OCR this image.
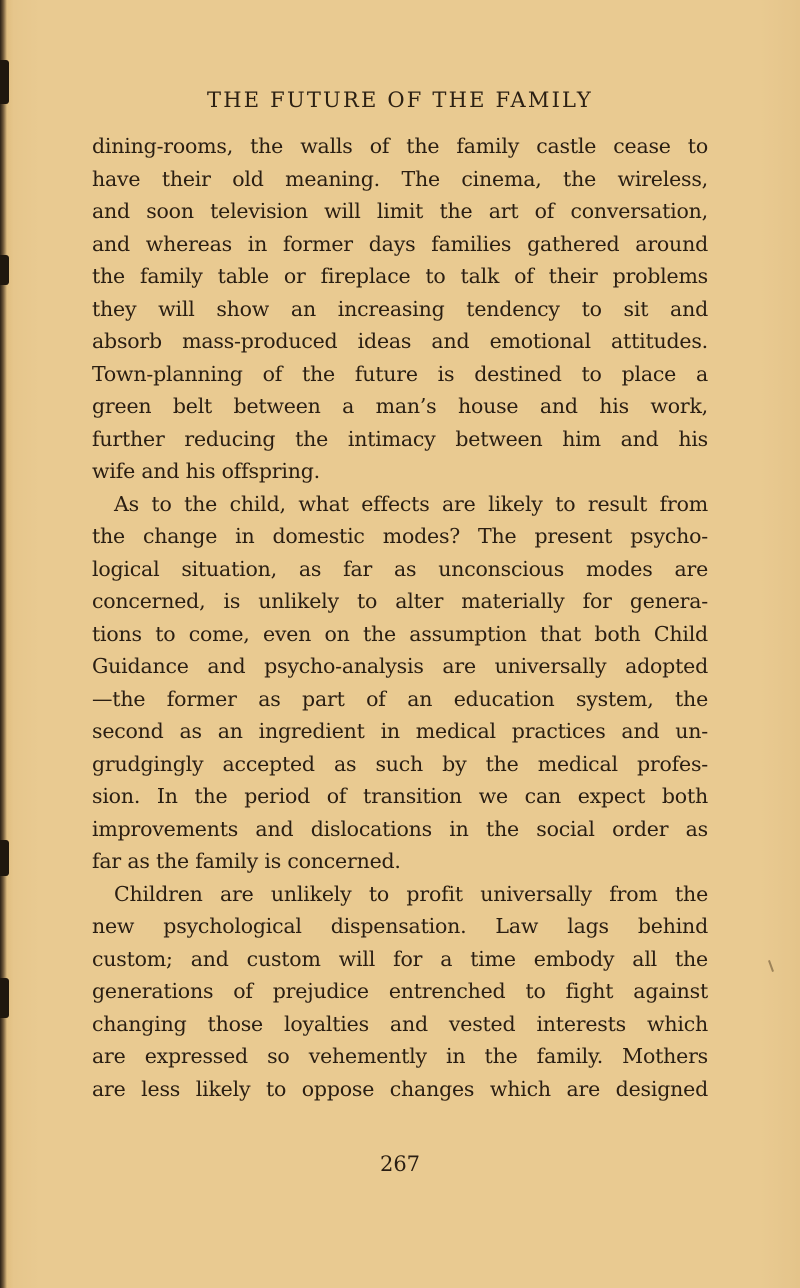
THE FUTURE OF THE FAMILY
dining-rooms, the walls of the family castle cease to
have their old meaning. The cinema, the wireless,
and soon television will limit the art of conversation,
and whereas in former days families gathered around
the family table or fireplace to talk of their problems
they will show an increasing tendency to sit and
absorb mass-produced ideas and emotional attitudes.
Town-planning of the future is destined to place a
green belt between a man’s house and his work,
further reducing the intimacy between him and his
wife and his offspring.
As to the child, what effects are likely to result from
the change in domestic modes? The present psycho-
logical situation, as far as unconscious modes are
concerned, is unlikely to alter materially for genera-
tions to come, even on the assumption that both Child
Guidance and psycho-analysis are universally adopted
—the former as part of an education system, the
second as an ingredient in medical practices and un-
grudgingly accepted as such by the medical profes-
sion. In the period of transition we can expect both
improvements and dislocations in the social order as
far as the family is concerned.
Children are unlikely to profit universally from the
new psychological dispensation. Law lags behind
custom; and custom will for a time embody all the
generations of prejudice entrenched to fight against
changing those loyalties and vested interests which
are expressed so vehemently in the family. Mothers
are less likely to oppose changes which are designed
267
